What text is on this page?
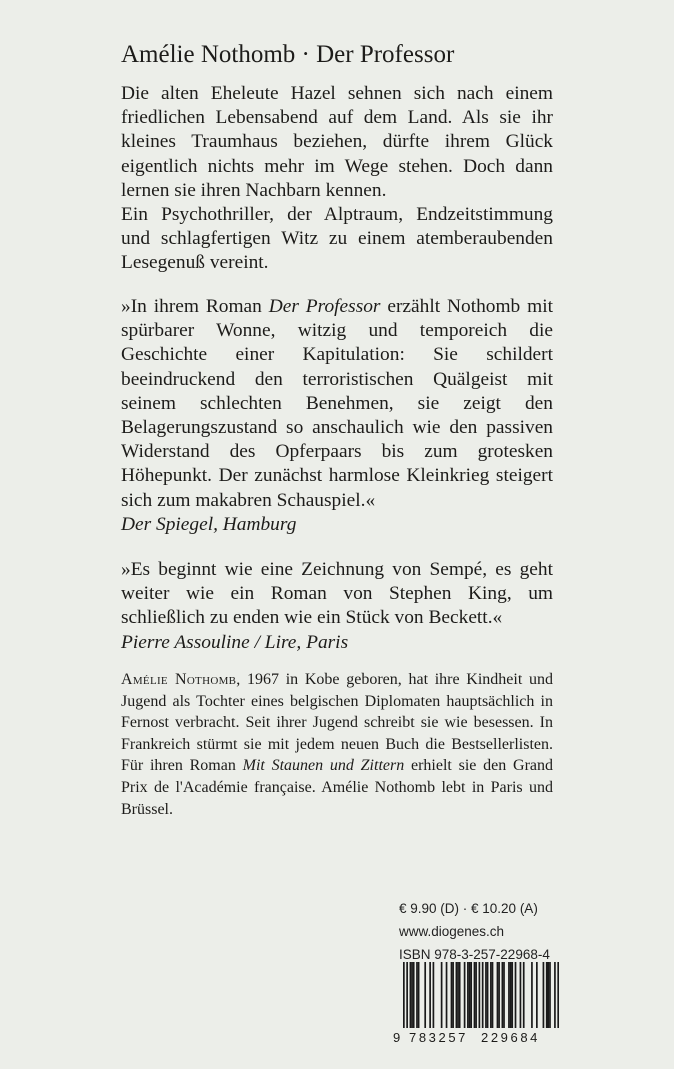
Amélie Nothomb · Der Professor
Die alten Eheleute Hazel sehnen sich nach einem friedlichen Lebensabend auf dem Land. Als sie ihr kleines Traumhaus beziehen, dürfte ihrem Glück eigentlich nichts mehr im Wege stehen. Doch dann lernen sie ihren Nachbarn kennen.
Ein Psychothriller, der Alptraum, Endzeitstimmung und schlagfertigen Witz zu einem atemberaubenden Lesegenuß vereint.
»In ihrem Roman Der Professor erzählt Nothomb mit spürbarer Wonne, witzig und temporeich die Geschichte einer Kapitulation: Sie schildert beeindruckend den terroristischen Quälgeist mit seinem schlechten Benehmen, sie zeigt den Belagerungszustand so anschaulich wie den passiven Widerstand des Opferpaars bis zum grotesken Höhepunkt. Der zunächst harmlose Kleinkrieg steigert sich zum makabren Schauspiel.«
Der Spiegel, Hamburg
»Es beginnt wie eine Zeichnung von Sempé, es geht weiter wie ein Roman von Stephen King, um schließlich zu enden wie ein Stück von Beckett.«
Pierre Assouline / Lire, Paris
Amélie Nothomb, 1967 in Kobe geboren, hat ihre Kindheit und Jugend als Tochter eines belgischen Diplomaten hauptsächlich in Fernost verbracht. Seit ihrer Jugend schreibt sie wie besessen. In Frankreich stürmt sie mit jedem neuen Buch die Bestsellerlisten. Für ihren Roman Mit Staunen und Zittern erhielt sie den Grand Prix de l'Académie française. Amélie Nothomb lebt in Paris und Brüssel.
€ 9.90 (D) · € 10.20 (A)
www.diogenes.ch
ISBN 978-3-257-22968-4
9 783257	229684
